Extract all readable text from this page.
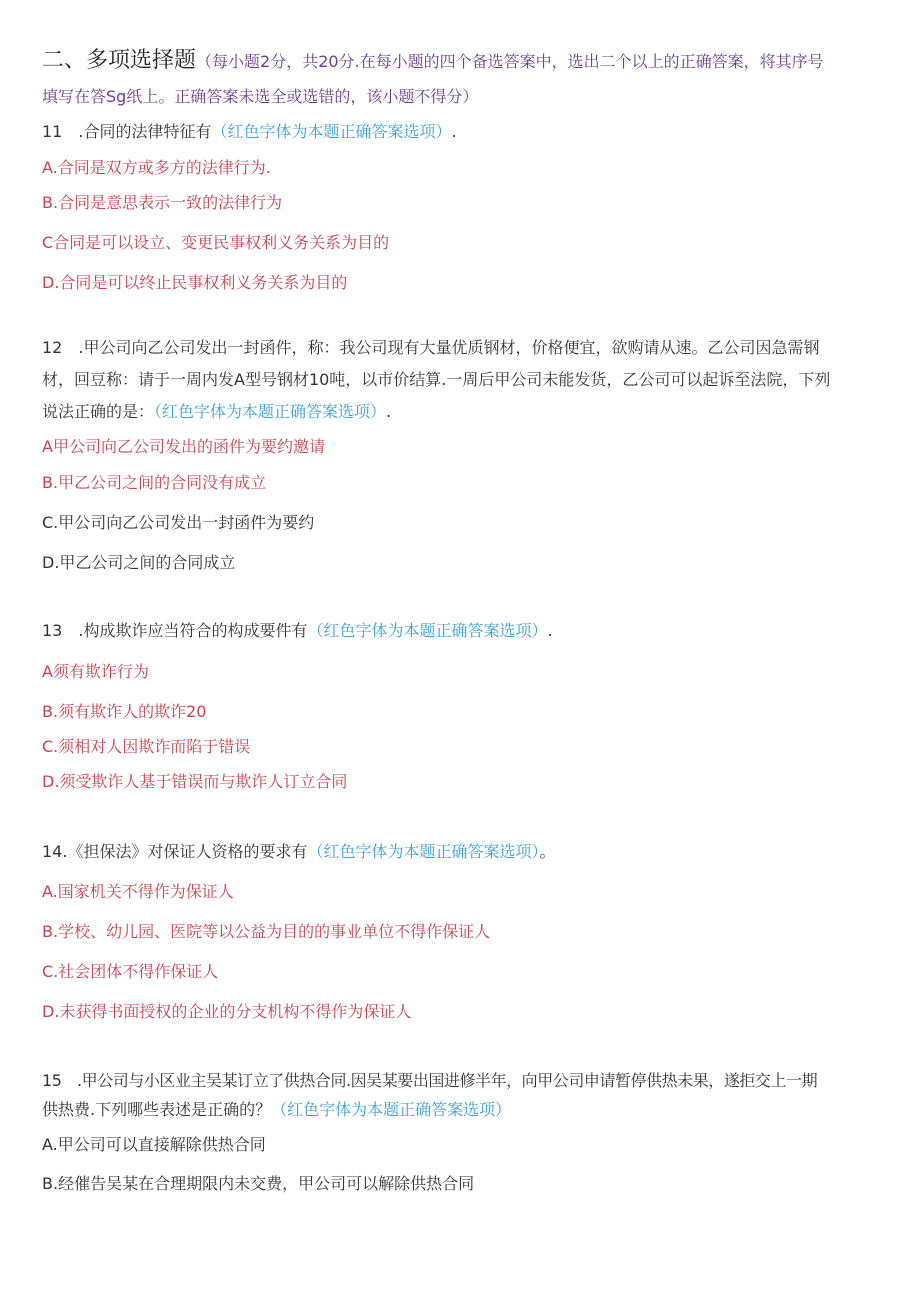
二、多项选择题（每小题2分，共20分.在每小题的四个备选答案中，选出二个以上的正确答案，将其序号
填写在答Sg纸上。正确答案未选全或选错的，该小题不得分）
11　.合同的法律特征有（红色字体为本题正确答案选项）.
A.合同是双方或多方的法律行为.
B.合同是意思表示一致的法律行为
C合同是可以设立、变更民事权利义务关系为目的
D.合同是可以终止民事权利义务关系为目的
12　.甲公司向乙公司发出一封函件，称：我公司现有大量优质钢材，价格便宜，欲购请从速。乙公司因急需钢
材，回豆称：请于一周内发A型号钢材10吨，以市价结算.一周后甲公司未能发货，乙公司可以起诉至法院，下列
说法正确的是：（红色字体为本题正确答案选项）.
A甲公司向乙公司发出的函件为要约邀请
B.甲乙公司之间的合同没有成立
C.甲公司向乙公司发出一封函件为要约
D.甲乙公司之间的合同成立
13　.构成欺诈应当符合的构成要件有（红色字体为本题正确答案选项）.
A须有欺诈行为
B.须有欺诈人的欺诈20
C.须相对人因欺诈而陷于错误
D.须受欺诈人基于错误而与欺诈人订立合同
14.《担保法》对保证人资格的要求有（红色字体为本题正确答案选项）。
A.国家机关不得作为保证人
B.学校、幼儿园、医院等以公益为目的的事业单位不得作保证人
C.社会团体不得作保证人
D.未获得书面授权的企业的分支机构不得作为保证人
15　.甲公司与小区业主吴某订立了供热合同.因吴某要出国进修半年，向甲公司申请暂停供热未果，遂拒交上一期
供热费.下列哪些表述是正确的？（红色字体为本题正确答案选项）
A.甲公司可以直接解除供热合同
B.经催告吴某在合理期限内未交费，甲公司可以解除供热合同
